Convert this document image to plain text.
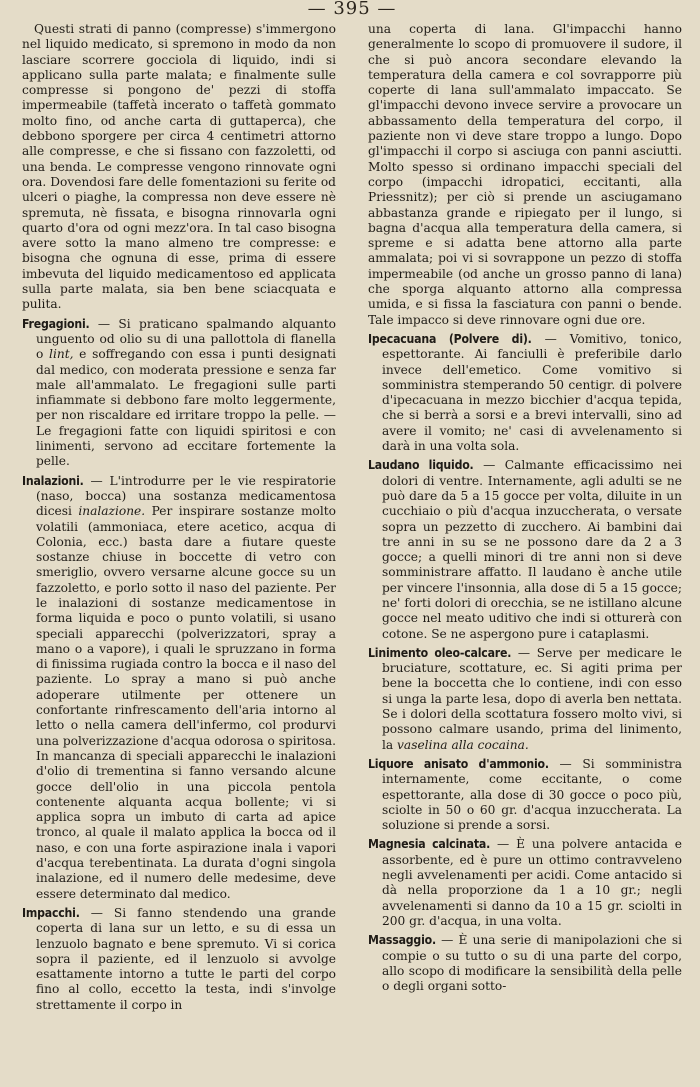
— 395 —

Questi strati di panno (compresse) s'immergono nel liquido medicato, si spremono in modo da non lasciare scorrere gocciola di liquido, indi si applicano sulla parte malata; e finalmente sulle compresse si pongono de' pezzi di stoffa impermeabile (taffetà incerato o taffetà gommato molto fino, od anche carta di guttaperca), che debbono sporgere per circa 4 centimetri attorno alle compresse, e che si fissano con fazzoletti, od una benda. Le compresse vengono rinnovate ogni ora. Dovendosi fare delle fomentazioni su ferite od ulceri o piaghe, la compressa non deve essere nè spremuta, nè fissata, e bisogna rinnovarla ogni quarto d'ora od ogni mezz'ora. In tal caso bisogna avere sotto la mano almeno tre compresse: e bisogna che ognuna di esse, prima di essere imbevuta del liquido medicamentoso ed applicata sulla parte malata, sia ben bene sciacquata e pulita.

Fregagioni. — Si praticano spalmando alquanto unguento od olio su di una pallottola di flanella o lint, e soffregando con essa i punti designati dal medico, con moderata pressione e senza far male all'ammalato. Le fregagioni sulle parti infiammate si debbono fare molto leggermente, per non riscaldare ed irritare troppo la pelle. — Le fregagioni fatte con liquidi spiritosi e con linimenti, servono ad eccitare fortemente la pelle.

Inalazioni. — L'introdurre per le vie respiratorie (naso, bocca) una sostanza medicamentosa dicesi inalazione. Per inspirare sostanze molto volatili (ammoniaca, etere acetico, acqua di Colonia, ecc.) basta dare a fiutare queste sostanze chiuse in boccette di vetro con smeriglio, ovvero versarne alcune gocce su un fazzoletto, e porlo sotto il naso del paziente. Per le inalazioni di sostanze medicamentose in forma liquida e poco o punto volatili, si usano speciali apparecchi (polverizzatori, spray a mano o a vapore), i quali le spruzzano in forma di finissima rugiada contro la bocca e il naso del paziente. Lo spray a mano si può anche adoperare utilmente per ottenere un confortante rinfrescamento dell'aria intorno al letto o nella camera dell'infermo, col produrvi una polverizzazione d'acqua odorosa o spiritosa. In mancanza di speciali apparecchi le inalazioni d'olio di trementina si fanno versando alcune gocce dell'olio in una piccola pentola contenente alquanta acqua bollente; vi si applica sopra un imbuto di carta ad apice tronco, al quale il malato applica la bocca od il naso, e con una forte aspirazione inala i vapori d'acqua terebentinata. La durata d'ogni singola inalazione, ed il numero delle medesime, deve essere determinato dal medico.

Impacchi. — Si fanno stendendo una grande coperta di lana sur un letto, e su di essa un lenzuolo bagnato e bene spremuto. Vi si corica sopra il paziente, ed il lenzuolo si avvolge esattamente intorno a tutte le parti del corpo fino al collo, eccetto la testa, indi s'involge strettamente il corpo in

una coperta di lana. Gl'impacchi hanno generalmente lo scopo di promuovere il sudore, il che si può ancora secondare elevando la temperatura della camera e col sovrapporre più coperte di lana sull'ammalato impaccato. Se gl'impacchi devono invece servire a provocare un abbassamento della temperatura del corpo, il paziente non vi deve stare troppo a lungo. Dopo gl'impacchi il corpo si asciuga con panni asciutti. Molto spesso si ordinano impacchi speciali del corpo (impacchi idropatici, eccitanti, alla Priessnitz); per ciò si prende un asciugamano abbastanza grande e ripiegato per il lungo, si bagna d'acqua alla temperatura della camera, si spreme e si adatta bene attorno alla parte ammalata; poi vi si sovrappone un pezzo di stoffa impermeabile (od anche un grosso panno di lana) che sporga alquanto attorno alla compressa umida, e si fissa la fasciatura con panni o bende. Tale impacco si deve rinnovare ogni due ore.

Ipecacuana (Polvere di). — Vomitivo, tonico, espettorante. Ai fanciulli è preferibile darlo invece dell'emetico. Come vomitivo si somministra stemperando 50 centigr. di polvere d'ipecacuana in mezzo bicchier d'acqua tepida, che si berrà a sorsi e a brevi intervalli, sino ad avere il vomito; ne' casi di avvelenamento si darà in una volta sola.

Laudano liquido. — Calmante efficacissimo nei dolori di ventre. Internamente, agli adulti se ne può dare da 5 a 15 gocce per volta, diluite in un cucchiaio o più d'acqua inzuccherata, o versate sopra un pezzetto di zucchero. Ai bambini dai tre anni in su se ne possono dare da 2 a 3 gocce; a quelli minori di tre anni non si deve somministrare affatto. Il laudano è anche utile per vincere l'insonnia, alla dose di 5 a 15 gocce; ne' forti dolori di orecchia, se ne istillano alcune gocce nel meato uditivo che indi si otturerà con cotone. Se ne aspergono pure i cataplasmi.

Linimento oleo-calcare. — Serve per medicare le bruciature, scottature, ec. Si agiti prima per bene la boccetta che lo contiene, indi con esso si unga la parte lesa, dopo di averla ben nettata. Se i dolori della scottatura fossero molto vivi, si possono calmare usando, prima del linimento, la vaselina alla cocaina.

Liquore anisato d'ammonio. — Si somministra internamente, come eccitante, o come espettorante, alla dose di 30 gocce o poco più, sciolte in 50 o 60 gr. d'acqua inzuccherata. La soluzione si prende a sorsi.

Magnesia calcinata. — È una polvere antacida e assorbente, ed è pure un ottimo contravveleno negli avvelenamenti per acidi. Come antacido si dà nella proporzione da 1 a 10 gr.; negli avvelenamenti si danno da 10 a 15 gr. sciolti in 200 gr. d'acqua, in una volta.

Massaggio. — È una serie di manipolazioni che si compie o su tutto o su di una parte del corpo, allo scopo di modificare la sensibilità della pelle o degli organi sotto-
